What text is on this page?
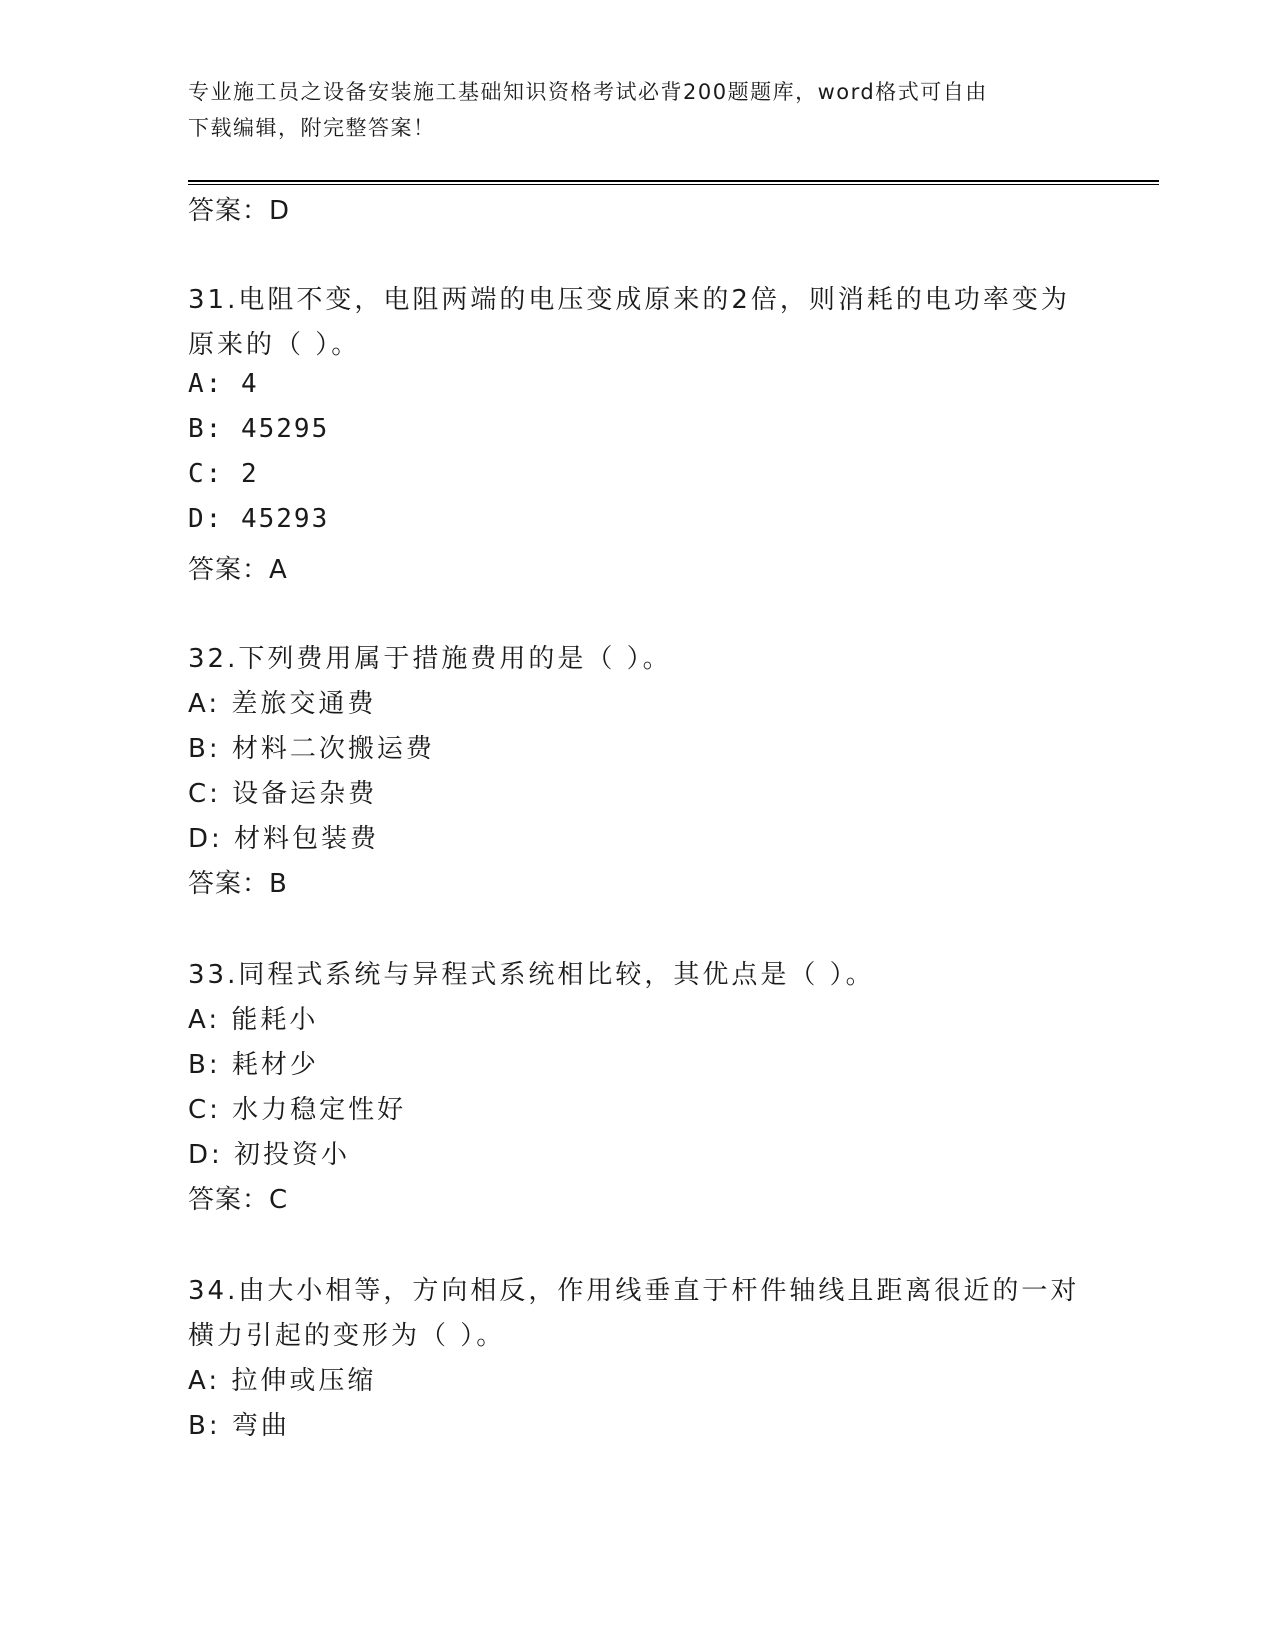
专业施工员之设备安装施工基础知识资格考试必背200题题库，word格式可自由
下载编辑，附完整答案！
答案：D
31.电阻不变，电阻两端的电压变成原来的2倍，则消耗的电功率变为
原来的（ ）。
A: 4
B: 45295
C: 2
D: 45293
答案：A
32.下列费用属于措施费用的是（ ）。
A: 差旅交通费
B: 材料二次搬运费
C: 设备运杂费
D: 材料包装费
答案：B
33.同程式系统与异程式系统相比较，其优点是（ ）。
A: 能耗小
B: 耗材少
C: 水力稳定性好
D: 初投资小
答案：C
34.由大小相等，方向相反，作用线垂直于杆件轴线且距离很近的一对
横力引起的变形为（ ）。
A: 拉伸或压缩
B: 弯曲
